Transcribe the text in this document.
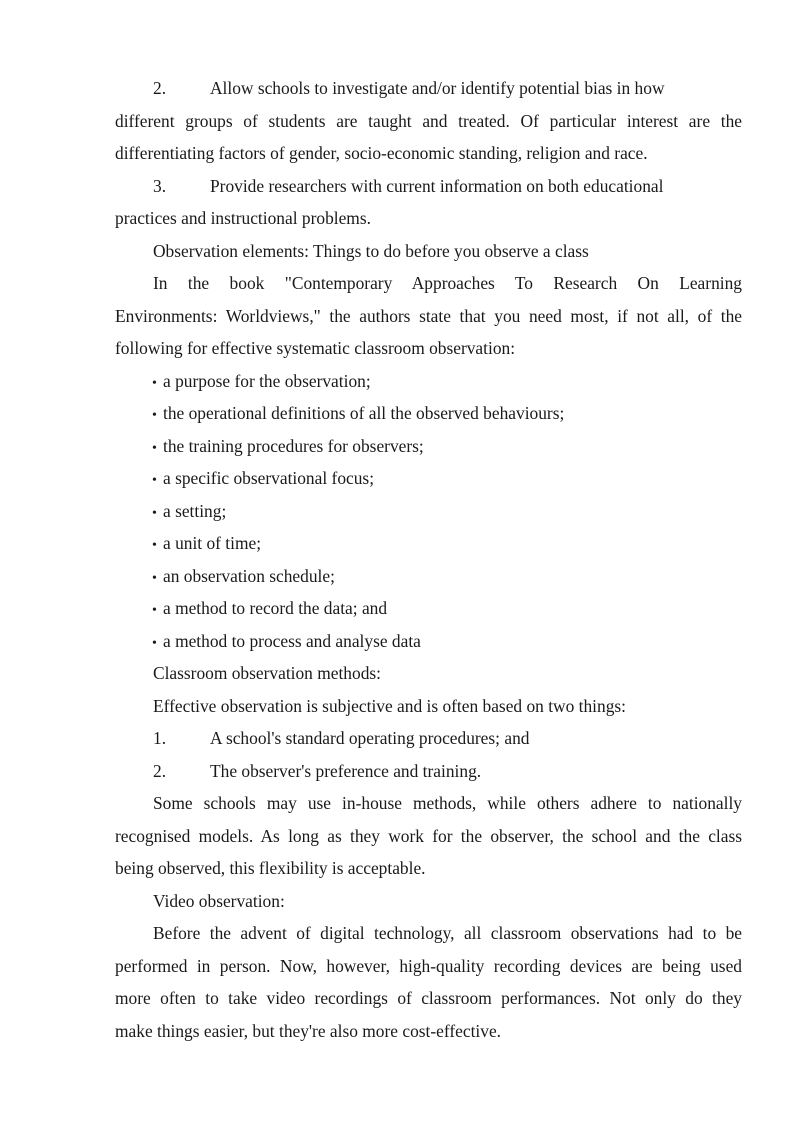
2.	Allow schools to investigate and/or identify potential bias in how
different groups of students are taught and treated. Of particular interest are the
differentiating factors of gender, socio-economic standing, religion and race.
3.	Provide researchers with current information on both educational
practices and instructional problems.
Observation elements: Things to do before you observe a class
In the book "Contemporary Approaches To Research On Learning
Environments: Worldviews," the authors state that you need most, if not all, of the
following for effective systematic classroom observation:
• a purpose for the observation;
• the operational definitions of all the observed behaviours;
• the training procedures for observers;
• a specific observational focus;
• a setting;
• a unit of time;
• an observation schedule;
• a method to record the data; and
• a method to process and analyse data
Classroom observation methods:
Effective observation is subjective and is often based on two things:
1.	A school's standard operating procedures; and
2.	The observer's preference and training.
Some schools may use in-house methods, while others adhere to nationally
recognised models. As long as they work for the observer, the school and the class
being observed, this flexibility is acceptable.
Video observation:
Before the advent of digital technology, all classroom observations had to be
performed in person. Now, however, high-quality recording devices are being used
more often to take video recordings of classroom performances. Not only do they
make things easier, but they're also more cost-effective.
